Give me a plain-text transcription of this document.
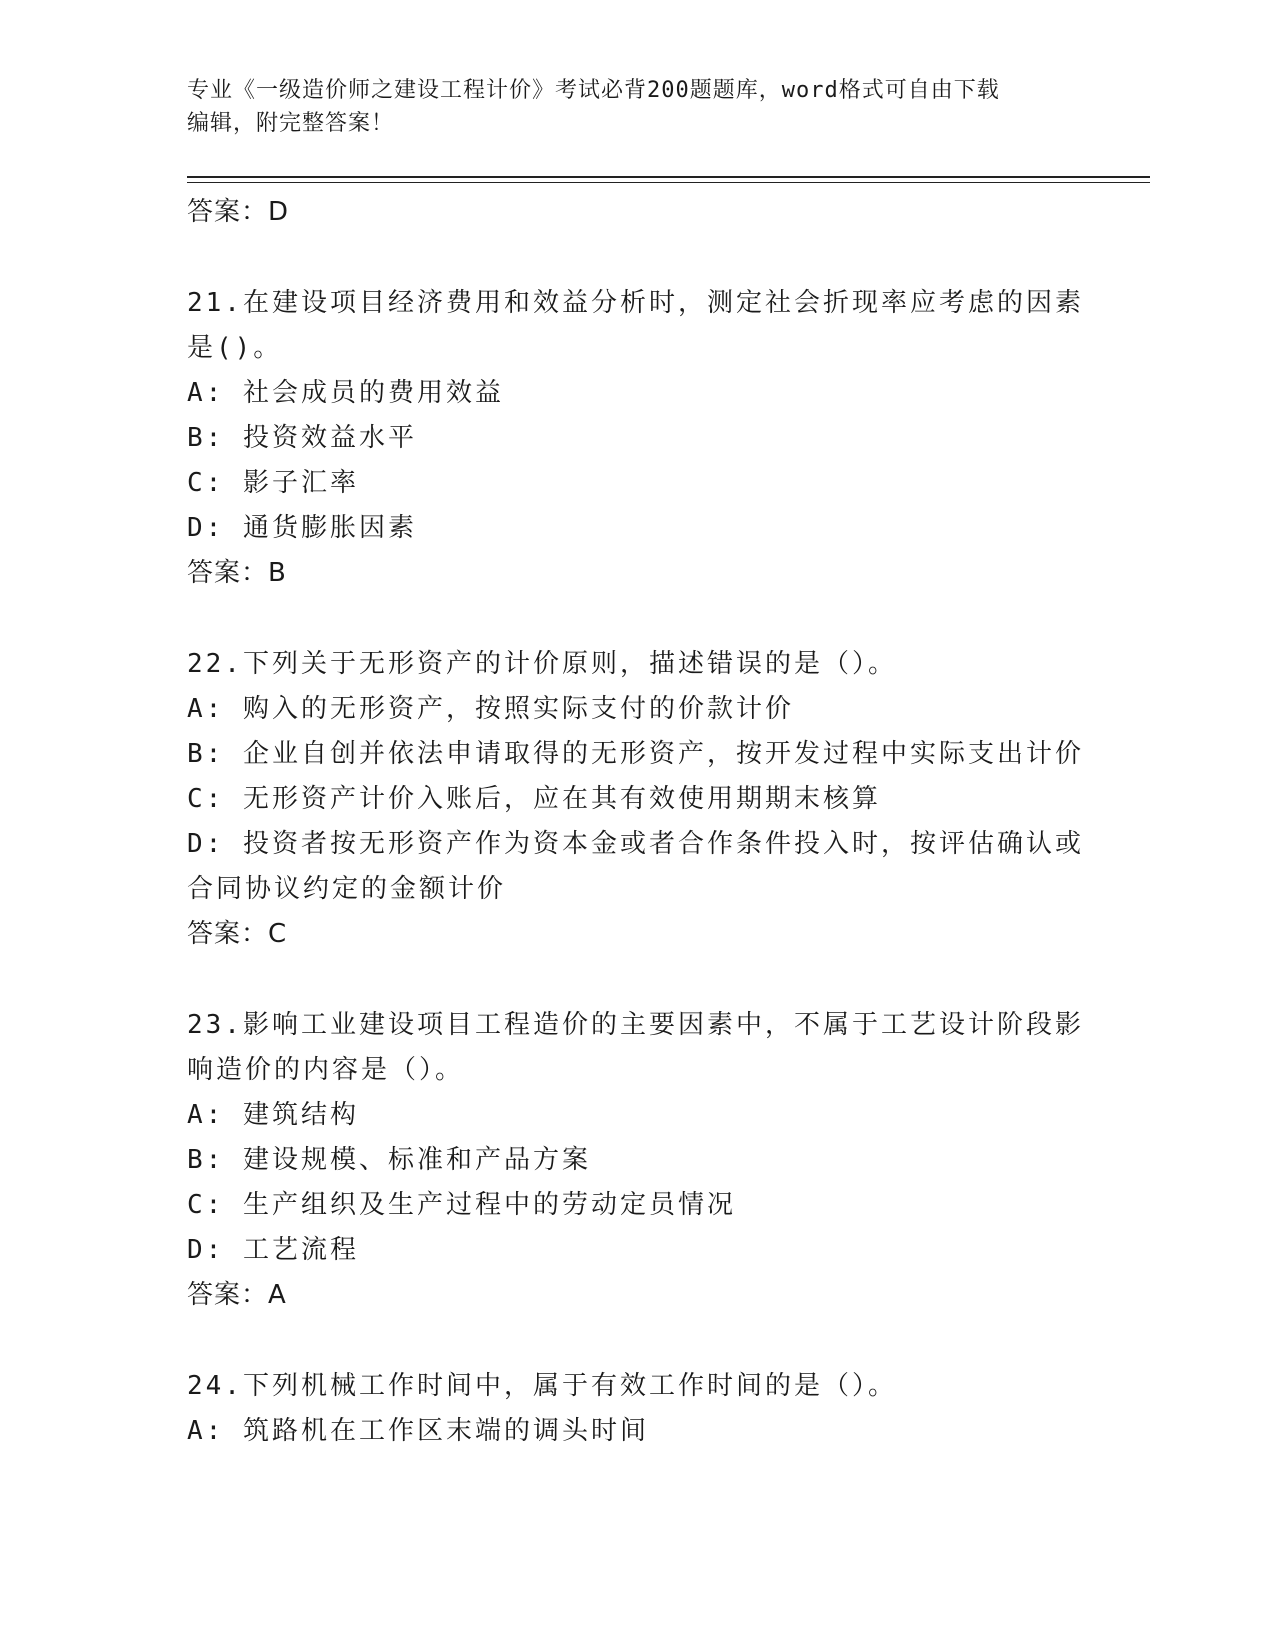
专业《一级造价师之建设工程计价》考试必背200题题库，word格式可自由下载
编辑，附完整答案！
答案：D
21.在建设项目经济费用和效益分析时，测定社会折现率应考虑的因素
是()。
A: 社会成员的费用效益
B: 投资效益水平
C: 影子汇率
D: 通货膨胀因素
答案：B
22.下列关于无形资产的计价原则，描述错误的是（）。
A: 购入的无形资产，按照实际支付的价款计价
B: 企业自创并依法申请取得的无形资产，按开发过程中实际支出计价
C: 无形资产计价入账后，应在其有效使用期期末核算
D: 投资者按无形资产作为资本金或者合作条件投入时，按评估确认或
合同协议约定的金额计价
答案：C
23.影响工业建设项目工程造价的主要因素中，不属于工艺设计阶段影
响造价的内容是（）。
A: 建筑结构
B: 建设规模、标准和产品方案
C: 生产组织及生产过程中的劳动定员情况
D: 工艺流程
答案：A
24.下列机械工作时间中，属于有效工作时间的是（）。
A: 筑路机在工作区末端的调头时间
